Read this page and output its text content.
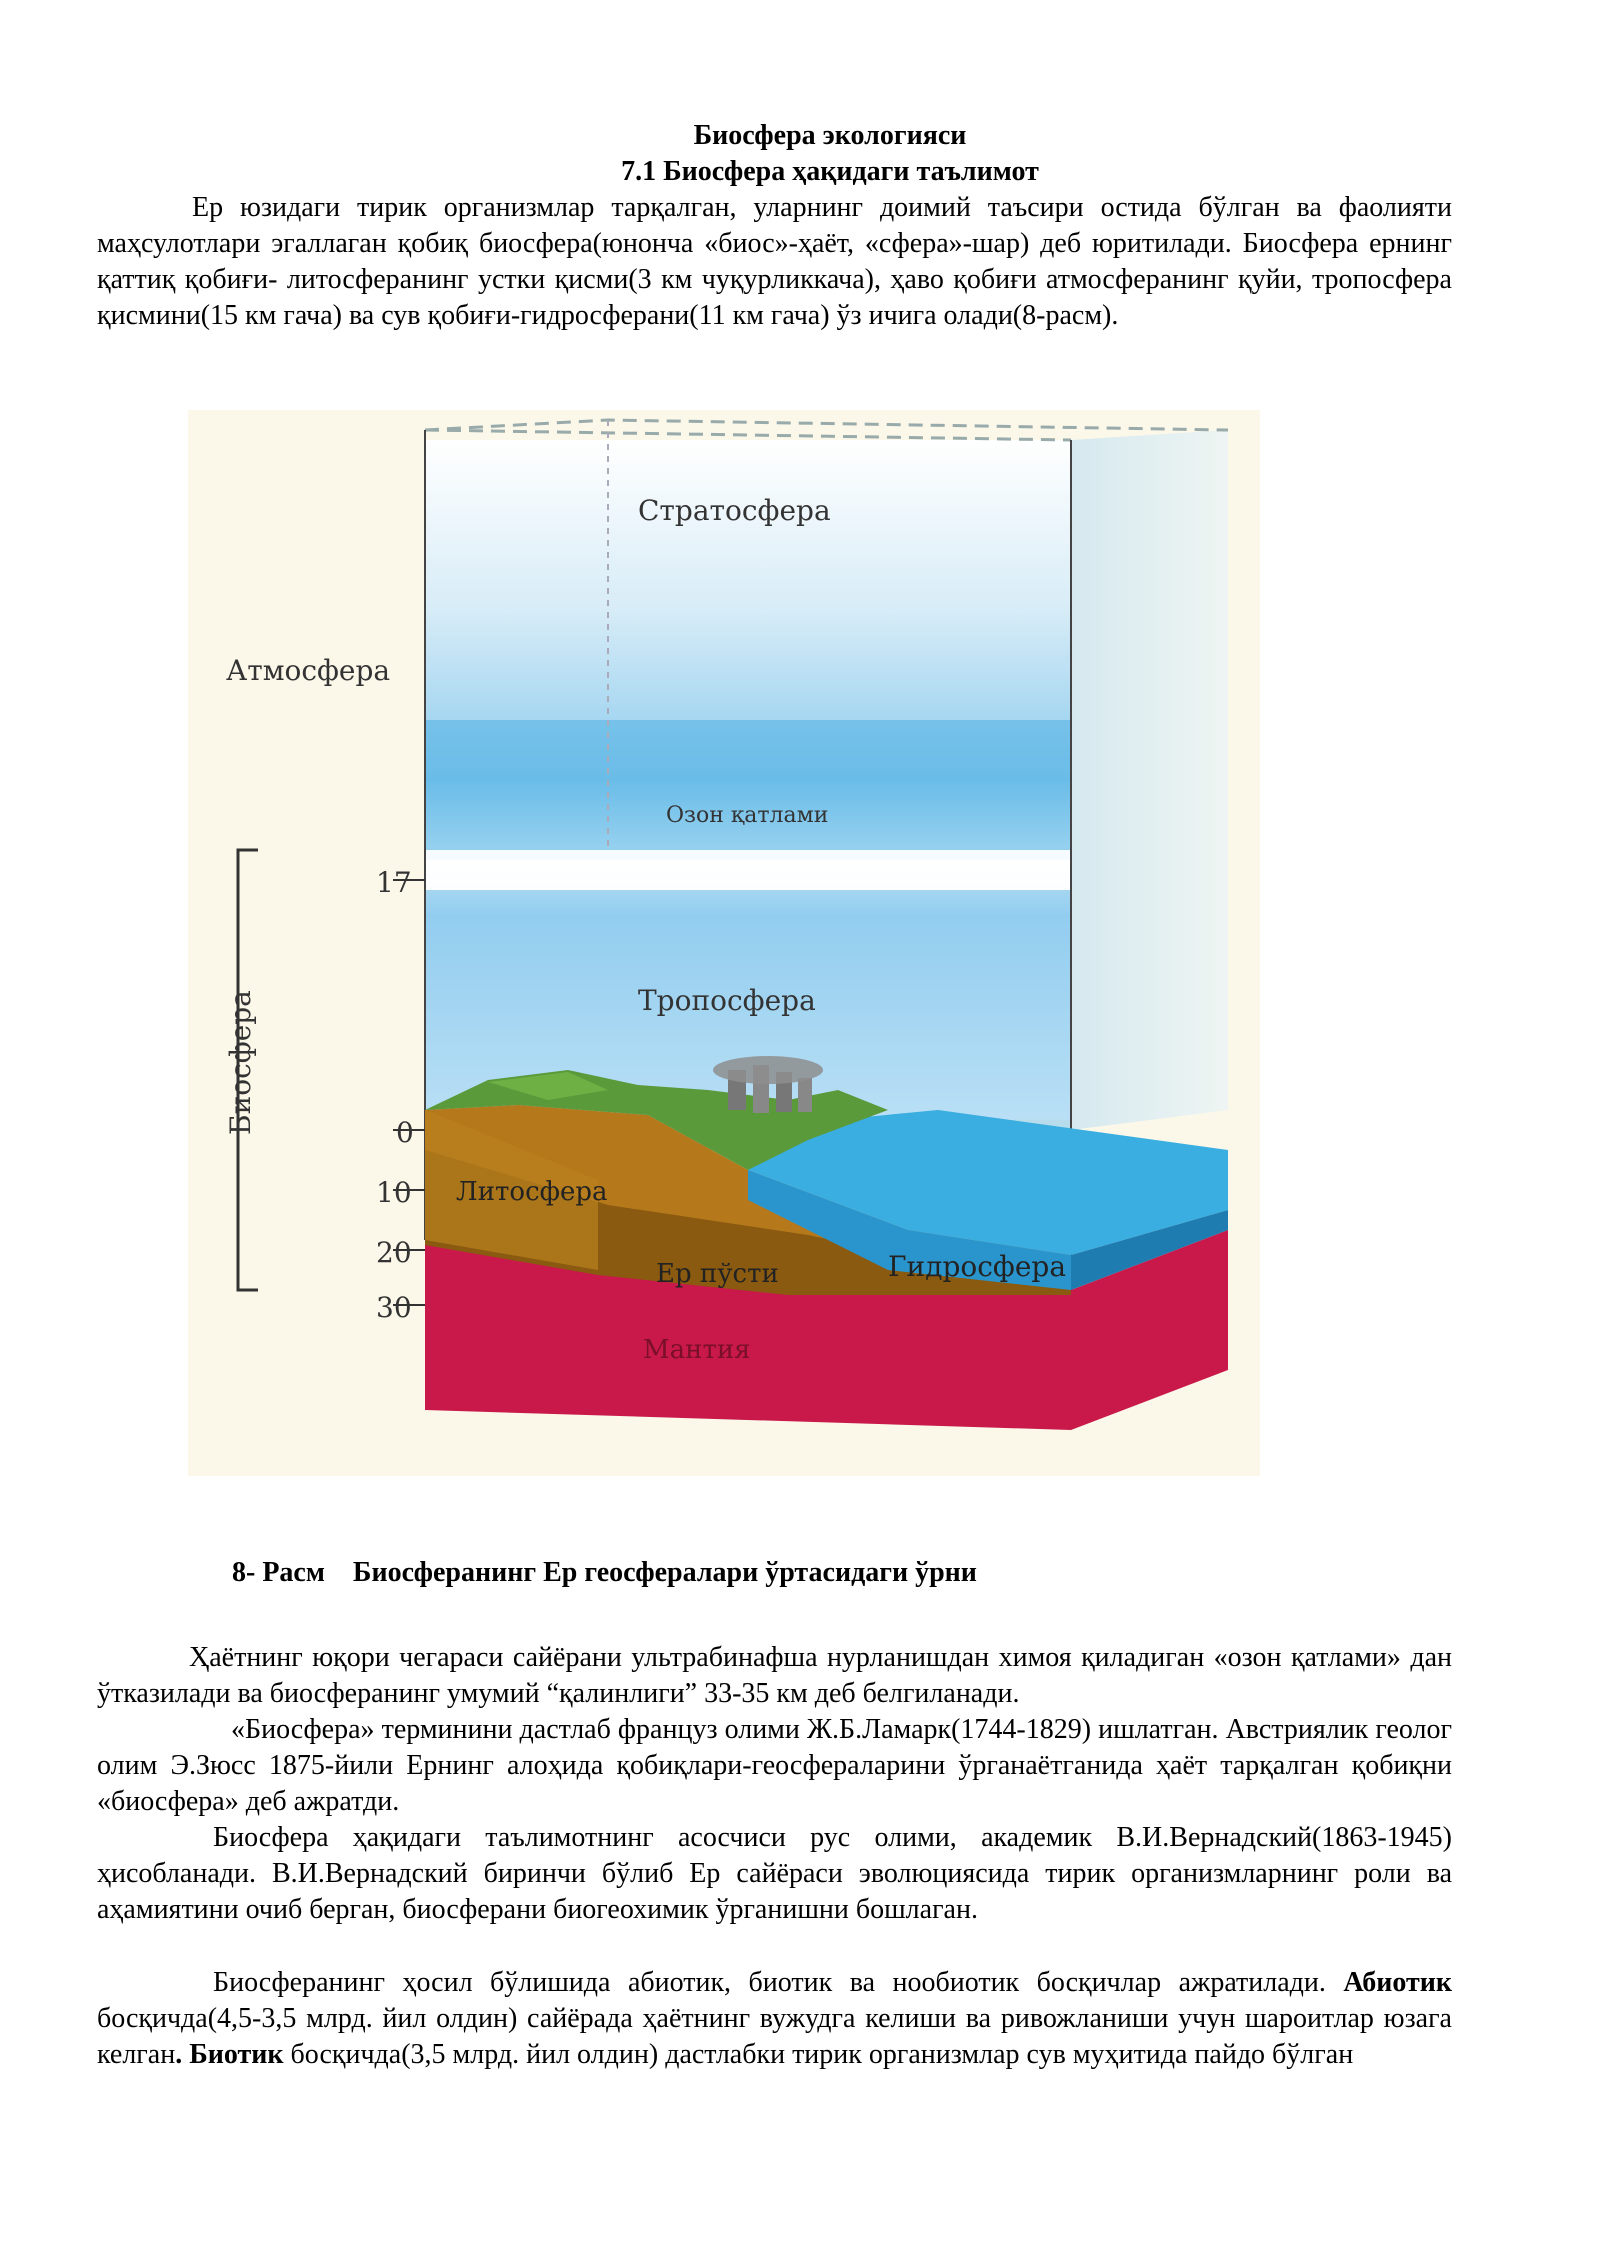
Биосфера экологияси
7.1 Биосфера ҳақидаги таълимот
Ер юзидаги тирик организмлар тарқалган, уларнинг доимий таъсири остида бўлган ва фаолияти маҳсулотлари эгаллаган қобиқ биосфера(юнонча «биос»-ҳаёт, «сфера»-шар) деб юритилади. Биосфера ернинг қаттиқ қобиғи- литосферанинг устки қисми(3 км чуқурликкача), ҳаво қобиғи атмосферанинг қуйи, тропосфера қисмини(15 км гача) ва сув қобиғи-гидросферани(11 км гача) ўз ичига олади(8-расм).
17
0
10
20
30
Стратосфера
Атмосфера
Озон қатлами
Тропосфера
Биосфера
Литосфера
Ер пўсти	Гидросфера
Мантия
8- Расм    Биосферанинг Ер геосфералари ўртасидаги ўрни
Ҳаётнинг юқори чегараси сайёрани ультрабинафша нурланишдан химоя қиладиган «озон қатлами» дан ўтказилади ва биосферанинг умумий “қалинлиги” 33-35 км деб белгиланади.
«Биосфера» терминини дастлаб француз олими Ж.Б.Ламарк(1744-1829) ишлатган. Австриялик геолог олим Э.Зюсс 1875-йили Ернинг алоҳида қобиқлари-геосфераларини ўрганаётганида ҳаёт тарқалган қобиқни «биосфера» деб ажратди.
Биосфера ҳақидаги таълимотнинг асосчиси рус олими, академик В.И.Вернадский(1863-1945) ҳисобланади. В.И.Вернадский биринчи бўлиб Ер сайёраси эволюциясида тирик организмларнинг роли ва аҳамиятини очиб берган, биосферани биогеохимик ўрганишни бошлаган.
Биосферанинг ҳосил бўлишида абиотик, биотик ва нообиотик босқичлар ажратилади. Абиотик босқичда(4,5-3,5 млрд. йил олдин) сайёрада ҳаётнинг вужудга келиши ва ривожланиши учун шароитлар юзага келган. Биотик босқичда(3,5 млрд. йил олдин) дастлабки тирик организмлар сув муҳитида пайдо бўлган
